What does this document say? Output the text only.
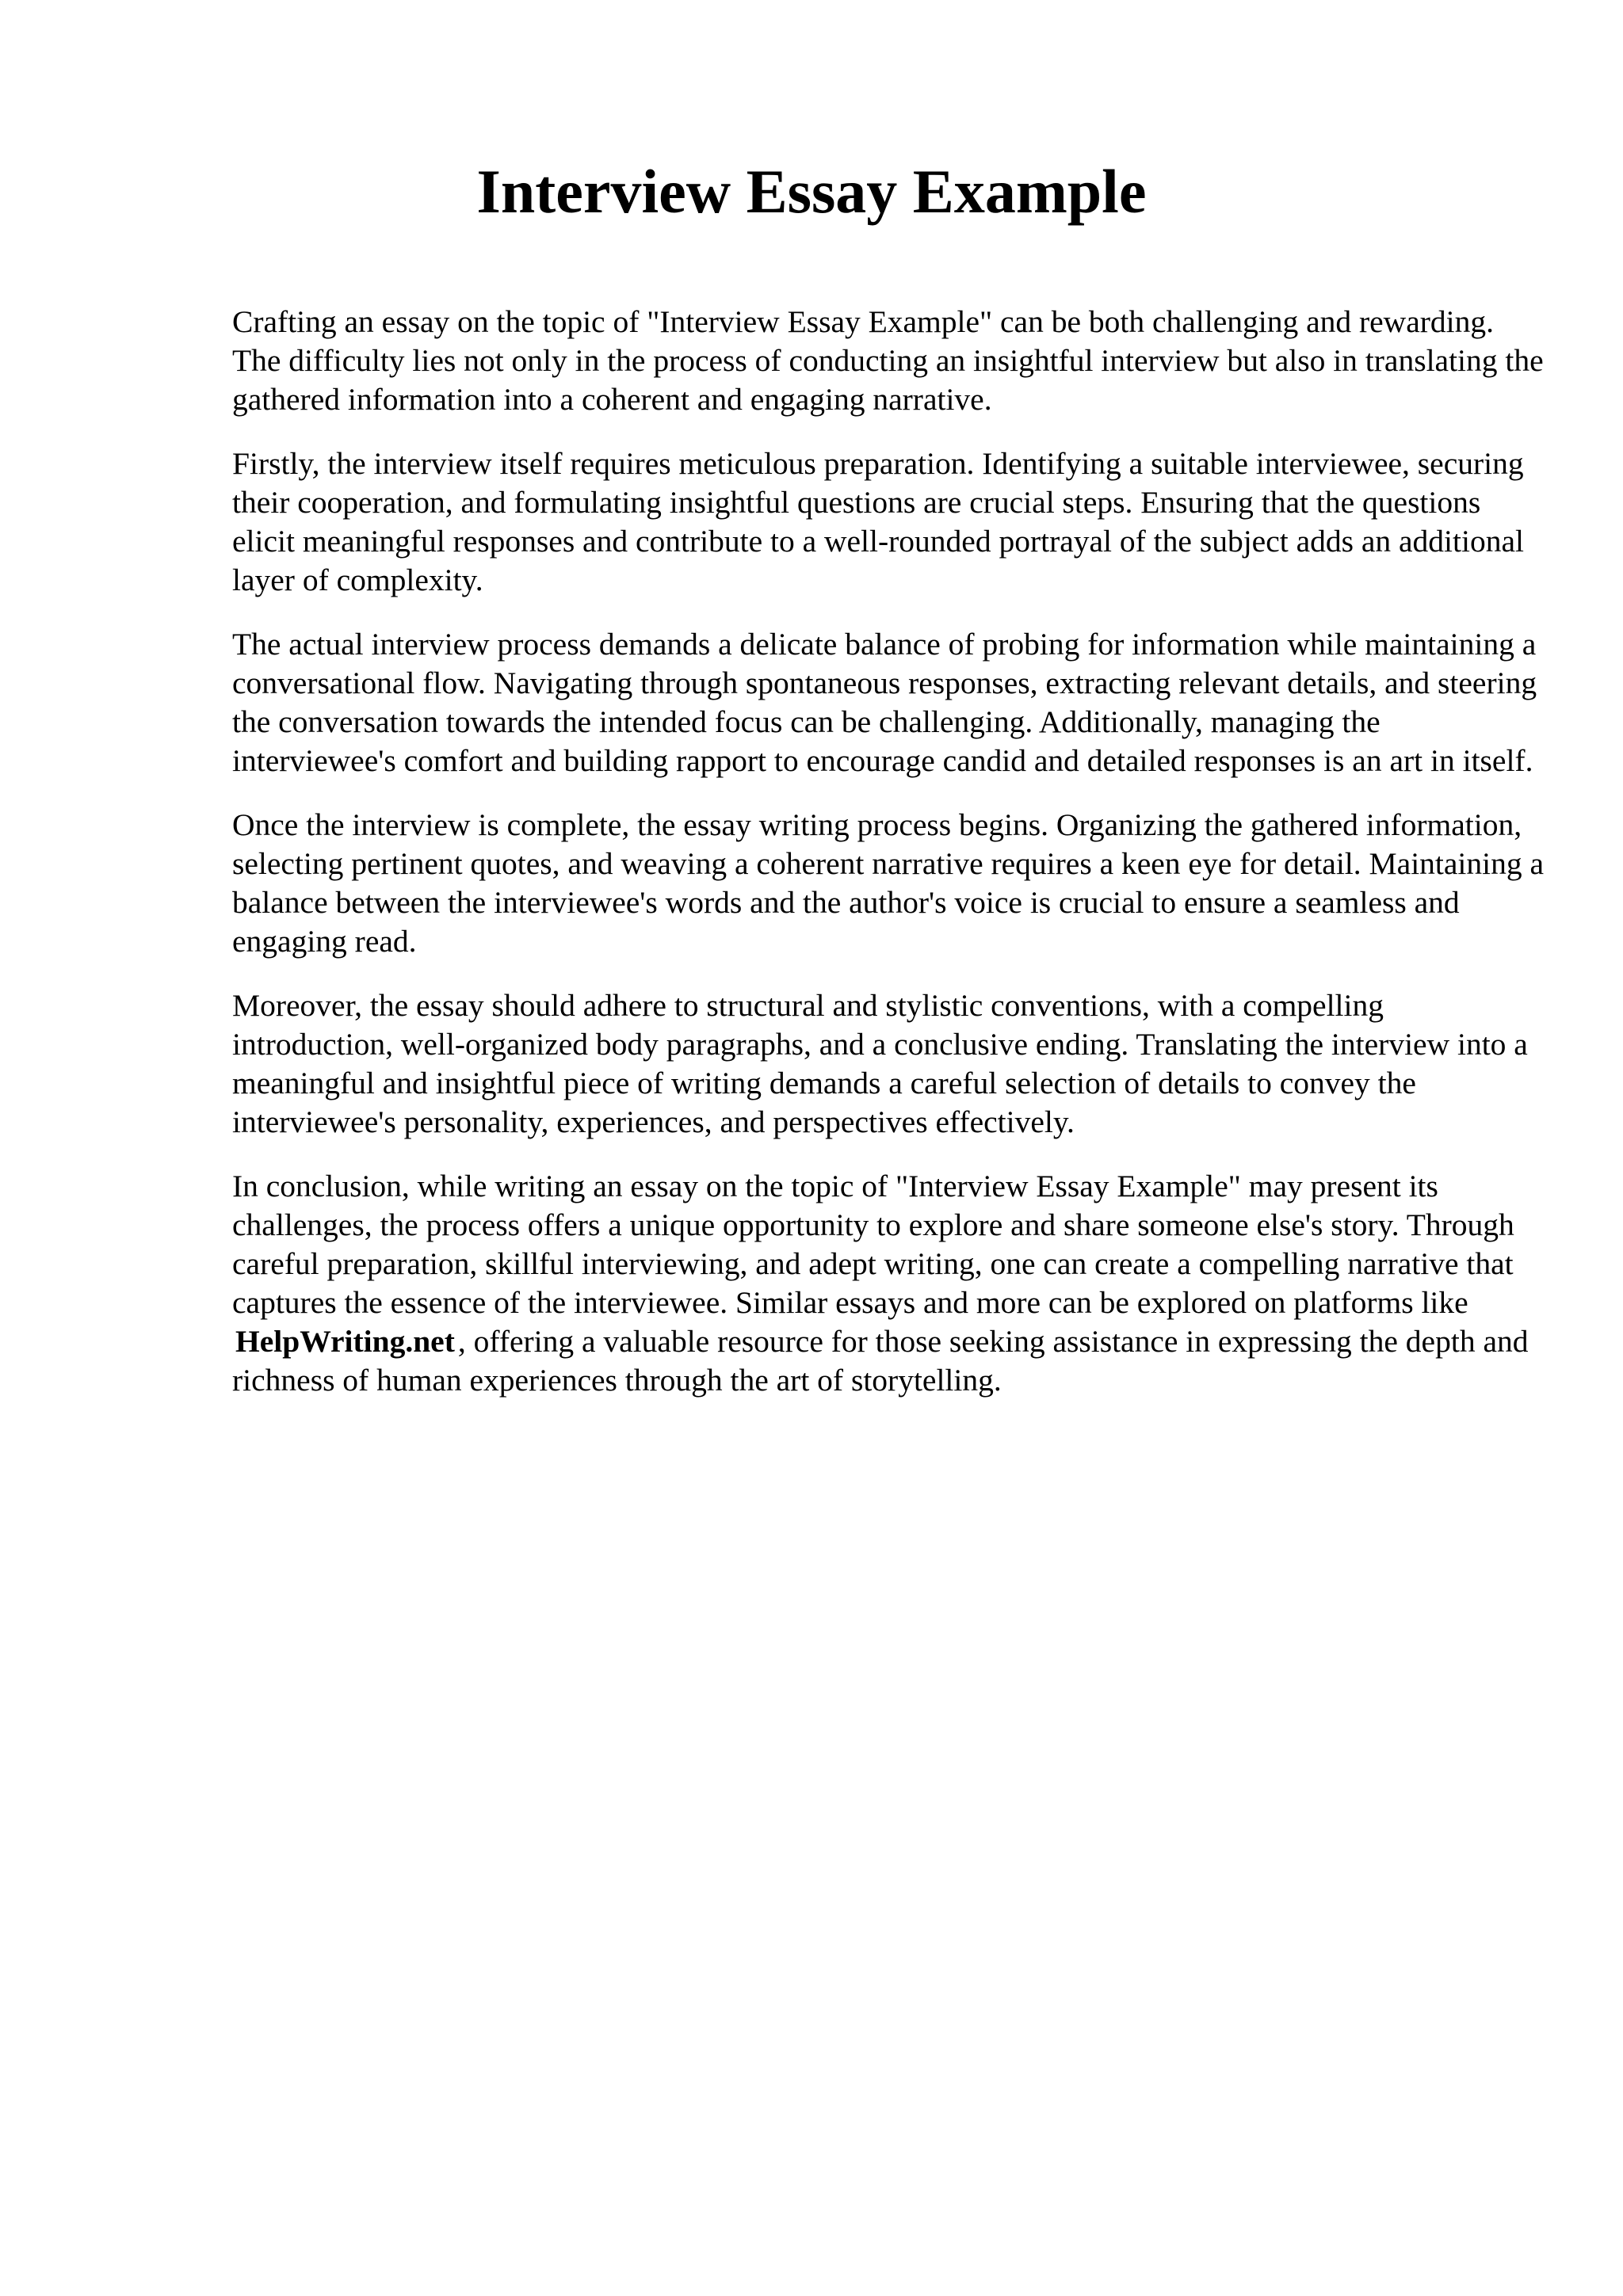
Interview Essay Example

Crafting an essay on the topic of "Interview Essay Example" can be both challenging and rewarding. The difficulty lies not only in the process of conducting an insightful interview but also in translating the gathered information into a coherent and engaging narrative.

Firstly, the interview itself requires meticulous preparation. Identifying a suitable interviewee, securing their cooperation, and formulating insightful questions are crucial steps. Ensuring that the questions elicit meaningful responses and contribute to a well-rounded portrayal of the subject adds an additional layer of complexity.

The actual interview process demands a delicate balance of probing for information while maintaining a conversational flow. Navigating through spontaneous responses, extracting relevant details, and steering the conversation towards the intended focus can be challenging. Additionally, managing the interviewee's comfort and building rapport to encourage candid and detailed responses is an art in itself.

Once the interview is complete, the essay writing process begins. Organizing the gathered information, selecting pertinent quotes, and weaving a coherent narrative requires a keen eye for detail. Maintaining a balance between the interviewee's words and the author's voice is crucial to ensure a seamless and engaging read.

Moreover, the essay should adhere to structural and stylistic conventions, with a compelling introduction, well-organized body paragraphs, and a conclusive ending. Translating the interview into a meaningful and insightful piece of writing demands a careful selection of details to convey the interviewee's personality, experiences, and perspectives effectively.

In conclusion, while writing an essay on the topic of "Interview Essay Example" may present its challenges, the process offers a unique opportunity to explore and share someone else's story. Through careful preparation, skillful interviewing, and adept writing, one can create a compelling narrative that captures the essence of the interviewee. Similar essays and more can be explored on platforms like HelpWriting.net , offering a valuable resource for those seeking assistance in expressing the depth and richness of human experiences through the art of storytelling.
